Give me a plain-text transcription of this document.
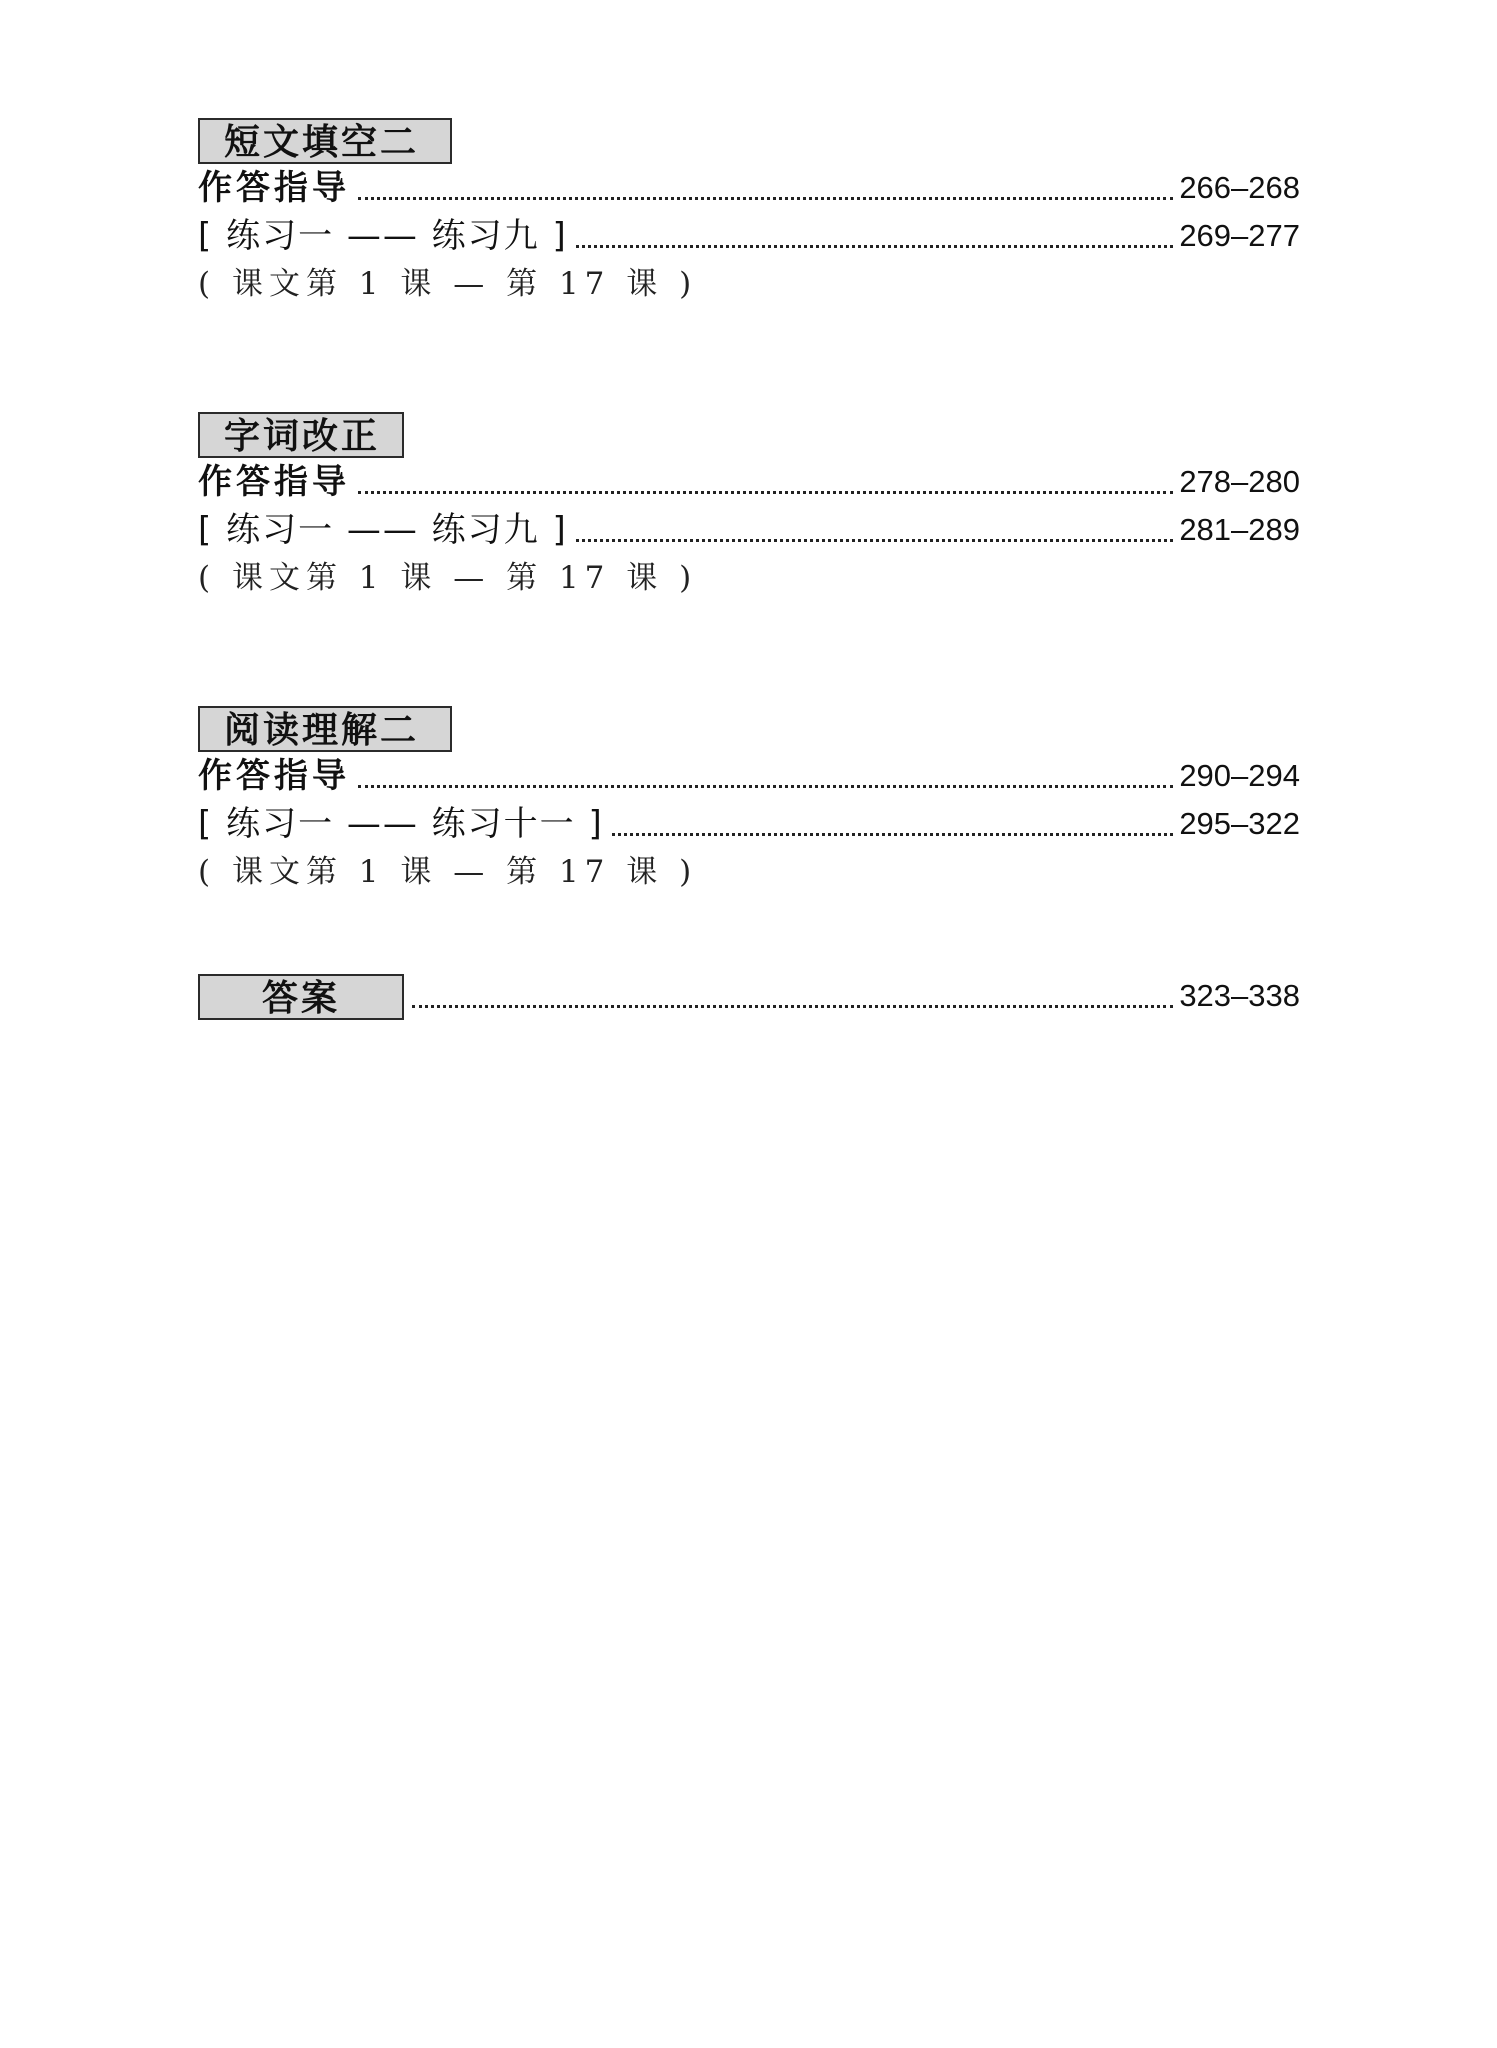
短文填空二
作答指导	266–268
[ 练习一 —— 练习九 ]	269–277
( 课文第 1 课 — 第 17 课 )
字词改正
作答指导	278–280
[ 练习一 —— 练习九 ]	281–289
( 课文第 1 课 — 第 17 课 )
阅读理解二
作答指导	290–294
[ 练习一 —— 练习十一 ]	295–322
( 课文第 1 课 — 第 17 课 )
答案	323–338
